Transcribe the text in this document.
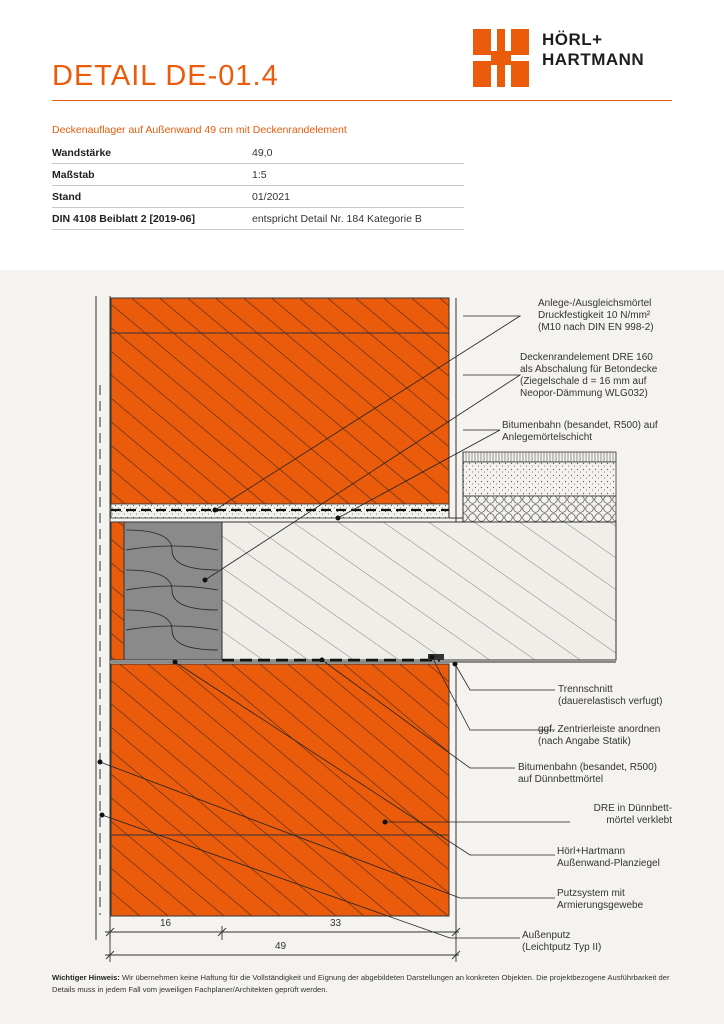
DETAIL DE-01.4
HÖRL+
HARTMANN
Deckenauflager auf Außenwand 49 cm mit Deckenrandelement
Wandstärke	49,0
Maßstab	1:5
Stand	01/2021
DIN 4108 Beiblatt 2 [2019-06]	entspricht Detail Nr. 184 Kategorie B
Anlege-/Ausgleichsmörtel
Druckfestigkeit 10 N/mm²
(M10 nach DIN EN 998-2)
Deckenrandelement DRE 160
als Abschalung für Betondecke
(Ziegelschale d = 16 mm auf
Neopor-Dämmung WLG032)
Bitumenbahn (besandet, R500) auf
Anlegemörtelschicht
Trennschnitt
(dauerelastisch verfugt)
ggf. Zentrierleiste anordnen
(nach Angabe Statik)
Bitumenbahn (besandet, R500)
auf Dünnbettmörtel
DRE in Dünnbett-
mörtel verklebt
Hörl+Hartmann
Außenwand-Planziegel
Putzsystem mit
Armierungsgewebe
Außenputz
(Leichtputz Typ II)
16	33
49
Wichtiger Hinweis: Wir übernehmen keine Haftung für die Vollständigkeit und Eignung der abgebildeten Darstellungen an konkreten Objekten. Die projektbezogene Ausführbarkeit der Details muss in jedem Fall vom jeweiligen Fachplaner/Architekten geprüft werden.
